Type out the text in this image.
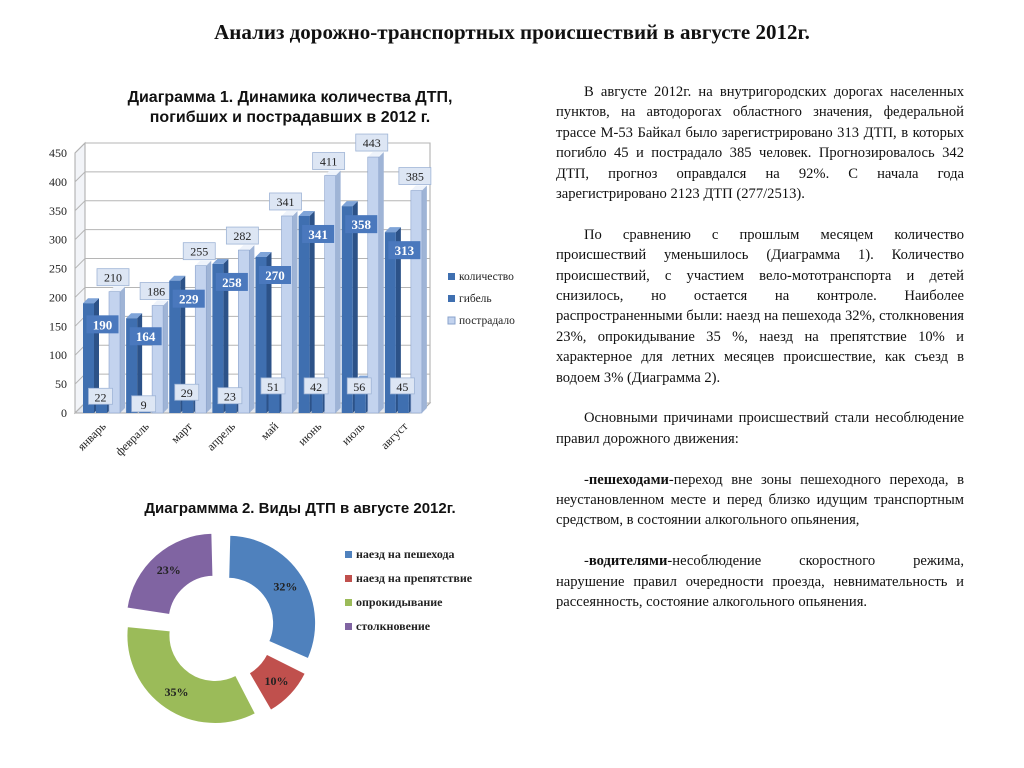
Анализ дорожно-транспортных происшествий в августе 2012г.
Диаграмма 1. Динамика количества ДТП,
погибших и пострадавших в 2012 г.
0
50
100
150
200
250
300
350
400
450
190
22
210
январь
164
9
186
февраль
229
29
255
март
258
23
282
апрель
270
51
341
май
341
42
411
июнь
358
56
443
июль
313
45
385
август
количество
гибель
пострадало
Диаграммма 2. Виды ДТП в августе 2012г.
32%
10%
35%
23%
наезд на пешехода
наезд на препятствие
опрокидывание
столкновение

В августе 2012г. на внутригородских дорогах населенных пунктов, на автодорогах областного значения, федеральной трассе М-53 Байкал было зарегистрировано 313 ДТП, в которых погибло 45 и пострадало 385 человек. Прогнозировалось 342 ДТП, прогноз оправдался на 92%. С начала года зарегистрировано 2123 ДТП (277/2513).

По сравнению с прошлым месяцем количество происшествий уменьшилось (Диаграмма 1). Количество происшествий, с участием вело-мототранспорта и детей снизилось, но остается на контроле. Наиболее распространенными были: наезд на пешехода 32%, столкновения 23%, опрокидывание 35 %, наезд на препятствие 10% и характерное для летних месяцев происшествие, как съезд в водоем 3% (Диаграмма 2).

Основными причинами происшествий стали несоблюдение правил дорожного движения:

-пешеходами-переход вне зоны пешеходного перехода, в неустановленном месте и перед близко идущим транспортным средством, в состоянии алкогольного опьянения,

-водителями-несоблюдение скоростного режима, нарушение правил очередности проезда, невнимательность и рассеянность, состояние алкогольного опьянения.
